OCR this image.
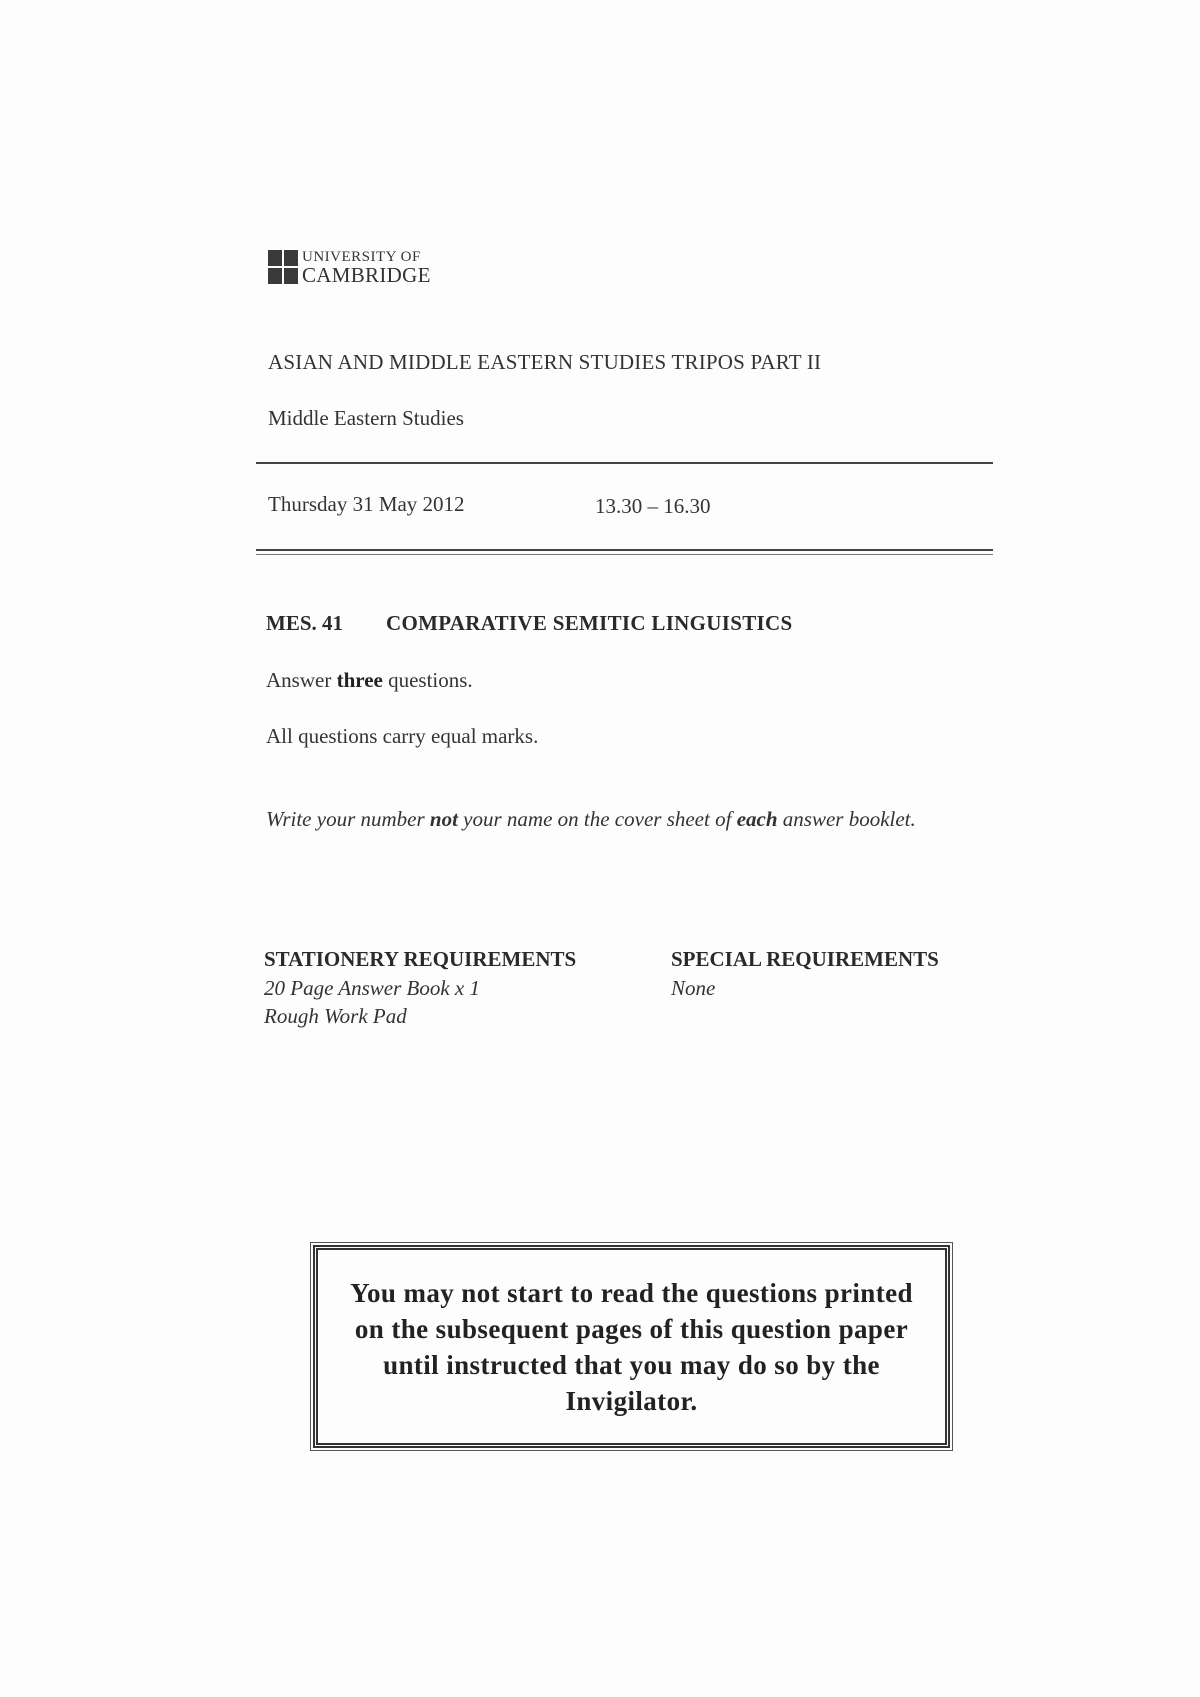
UNIVERSITY OF
CAMBRIDGE
ASIAN AND MIDDLE EASTERN STUDIES TRIPOS PART II
Middle Eastern Studies
Thursday 31 May 2012	13.30 – 16.30
MES. 41 COMPARATIVE SEMITIC LINGUISTICS
Answer three questions.
All questions carry equal marks.
Write your number not your name on the cover sheet of each answer booklet.
STATIONERY REQUIREMENTS
20 Page Answer Book x 1
Rough Work Pad
SPECIAL REQUIREMENTS
None
You may not start to read the questions printed on the subsequent pages of this question paper until instructed that you may do so by the Invigilator.
